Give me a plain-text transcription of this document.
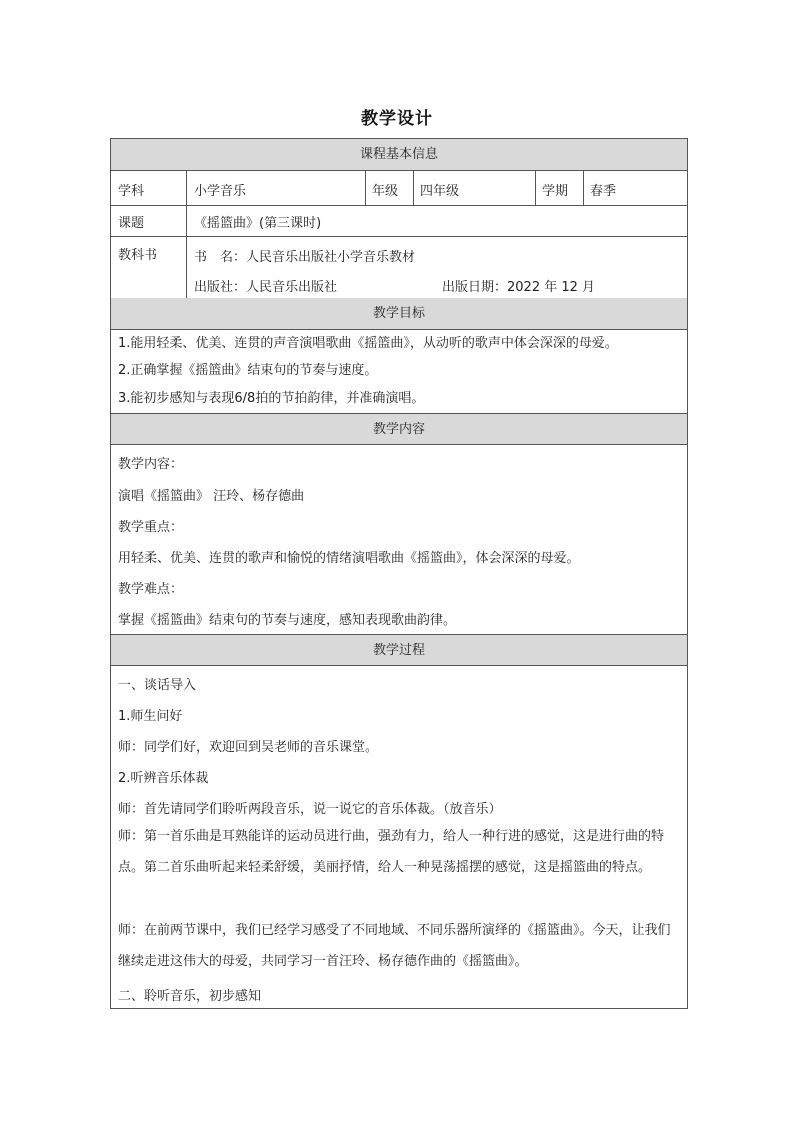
教学设计
课程基本信息
学科	小学音乐	年级 四年级	学期 春季
课题	《摇篮曲》(第三课时)
教科书	书　名：人民音乐出版社小学音乐教材
出版社：人民音乐出版社	出版日期：2022 年 12 月
教学目标
1.能用轻柔、优美、连贯的声音演唱歌曲《摇篮曲》，从动听的歌声中体会深深的母爱。
2.正确掌握《摇篮曲》结束句的节奏与速度。
3.能初步感知与表现6/8拍的节拍韵律，并准确演唱。
教学内容
教学内容：
演唱《摇篮曲》 汪玲、杨存德曲
教学重点：
用轻柔、优美、连贯的歌声和愉悦的情绪演唱歌曲《摇篮曲》，体会深深的母爱。
教学难点：
掌握《摇篮曲》结束句的节奏与速度，感知表现歌曲韵律。
教学过程
一、谈话导入
1.师生问好
师：同学们好，欢迎回到吴老师的音乐课堂。
2.听辨音乐体裁
师：首先请同学们聆听两段音乐，说一说它的音乐体裁。（放音乐）
师：第一首乐曲是耳熟能详的运动员进行曲，强劲有力，给人一种行进的感觉，这是进行曲的特点。第二首乐曲听起来轻柔舒缓，美丽抒情，给人一种晃荡摇摆的感觉，这是摇篮曲的特点。
师：在前两节课中，我们已经学习感受了不同地域、不同乐器所演绎的《摇篮曲》。今天，让我们继续走进这伟大的母爱，共同学习一首汪玲、杨存德作曲的《摇篮曲》。
二、聆听音乐，初步感知
